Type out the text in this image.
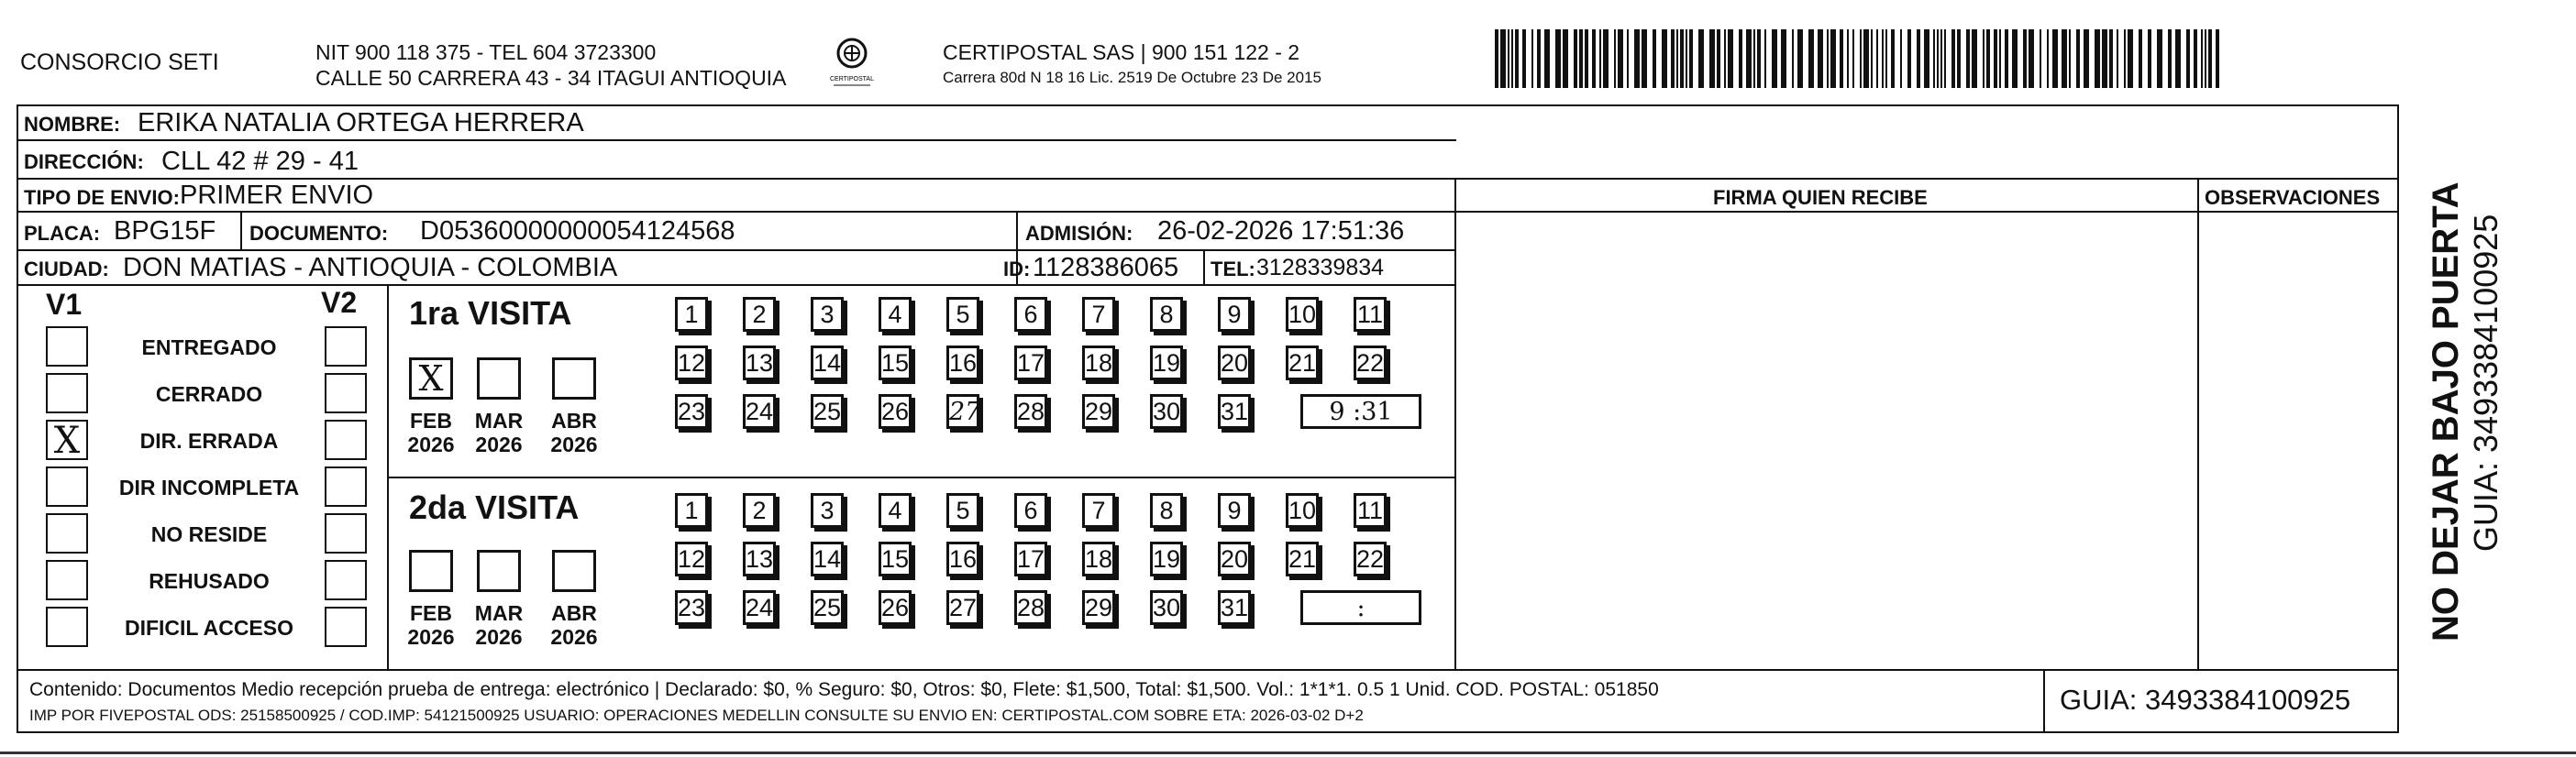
CONSORCIO SETI	NIT 900 118 375 - TEL 604 3723300
CALLE 50 CARRERA 43 - 34 ITAGUI ANTIOQUIA	CERTIPOSTAL
CERTIPOSTAL SAS | 900 151 122 - 2
Carrera 80d N 18 16 Lic. 2519 De Octubre 23 De 2015
NOMBRE: ERIKA NATALIA ORTEGA HERRERA
DIRECCIÓN: CLL 42 # 29 - 41
TIPO DE ENVIO: PRIMER ENVIO	FIRMA QUIEN RECIBE	OBSERVACIONES
PLACA: BPG15F DOCUMENTO: D05360000000054124568	ADMISIÓN: 26-02-2026 17:51:36
CIUDAD: DON MATIAS - ANTIOQUIA - COLOMBIA	ID: 1128386065 TEL: 3128339834
V1	V2
ENTREGADO
CERRADO
X	DIR. ERRADA
DIR INCOMPLETA
NO RESIDE
REHUSADO
DIFICIL ACCESO
1ra VISITA
2da VISITA
X
FEB
2026
MAR
2026
ABR
2026
1	2	3	4	5	6	7	8	9	10 11
12 13 14 15 16 17 18 19 20 21 22
23 24 25 26 27 28 29 30 31	9 :31
FEB
2026
MAR
2026
ABR
2026
1	2	3	4	5	6	7	8	9	10 11
12 13 14 15 16 17 18 19 20 21 22
23 24 25 26 27 28 29 30 31	:
Contenido: Documentos Medio recepción prueba de entrega: electrónico | Declarado: $0, % Seguro: $0, Otros: $0, Flete: $1,500, Total: $1,500. Vol.: 1*1*1. 0.5 1 Unid. COD. POSTAL: 051850
IMP POR FIVEPOSTAL ODS: 25158500925 / COD.IMP: 54121500925 USUARIO: OPERACIONES MEDELLIN CONSULTE SU ENVIO EN: CERTIPOSTAL.COM SOBRE ETA: 2026-03-02 D+2	GUIA: 3493384100925
NO DEJAR BAJO PUERTA GUIA: 3493384100925
